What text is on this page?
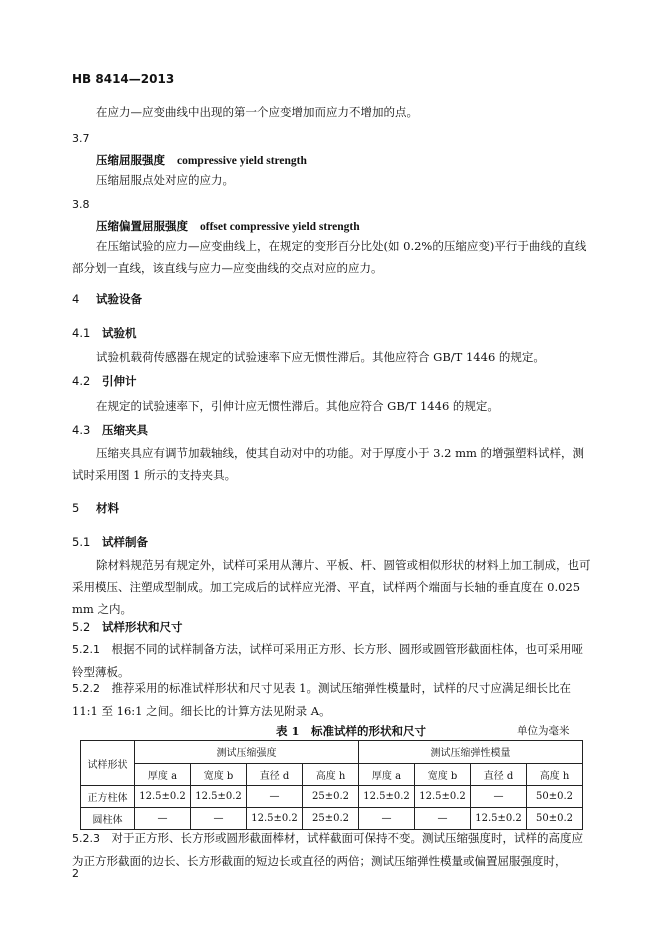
HB 8414—2013
在应力—应变曲线中出现的第一个应变增加而应力不增加的点。
3.7
压缩屈服强度 compressive yield strength
压缩屈服点处对应的应力。
3.8
压缩偏置屈服强度 offset compressive yield strength
在压缩试验的应力—应变曲线上，在规定的变形百分比处(如 0.2%的压缩应变)平行于曲线的直线部分划一直线，该直线与应力—应变曲线的交点对应的应力。
4 试验设备
4.1 试验机
试验机载荷传感器在规定的试验速率下应无惯性滞后。其他应符合 GB/T 1446 的规定。
4.2 引伸计
在规定的试验速率下，引伸计应无惯性滞后。其他应符合 GB/T 1446 的规定。
4.3 压缩夹具
压缩夹具应有调节加载轴线，使其自动对中的功能。对于厚度小于 3.2 mm 的增强塑料试样，测试时采用图 1 所示的支持夹具。
5 材料
5.1 试样制备
除材料规范另有规定外，试样可采用从薄片、平板、杆、圆管或相似形状的材料上加工制成，也可采用模压、注塑成型制成。加工完成后的试样应光滑、平直，试样两个端面与长轴的垂直度在 0.025 mm 之内。
5.2 试样形状和尺寸
5.2.1　 根据不同的试样制备方法，试样可采用正方形、长方形、圆形或圆管形截面柱体，也可采用哑铃型薄板。
5.2.2　 推荐采用的标准试样形状和尺寸见表 1。测试压缩弹性模量时，试样的尺寸应满足细长比在 11:1 至 16:1 之间。细长比的计算方法见附录 A。
表 1　标准试样的形状和尺寸	单位为毫米
试样形状	测试压缩强度				测试压缩弹性模量			
	厚度 a	宽度 b	直径 d	高度 h	厚度 a	宽度 b	直径 d	高度 h
正方柱体	12.5±0.2	12.5±0.2	—	25±0.2	12.5±0.2	12.5±0.2	—	50±0.2
圆柱体	—	—	12.5±0.2	25±0.2	—	—	12.5±0.2	50±0.2
5.2.3　 对于正方形、长方形或圆形截面棒材，试样截面可保持不变。测试压缩强度时，试样的高度应为正方形截面的边长、长方形截面的短边长或直径的两倍；测试压缩弹性模量或偏置屈服强度时，
2
